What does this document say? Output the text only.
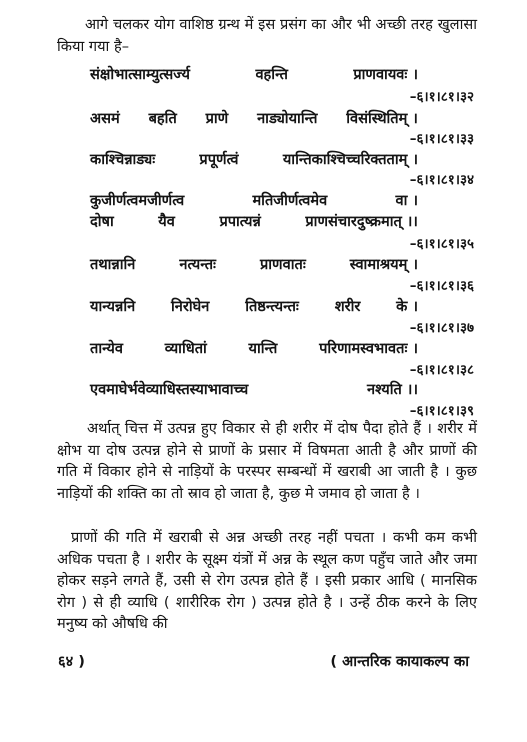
आगे चलकर योग वाशिष्ठ ग्रन्थ में इस प्रसंग का और भी अच्छी तरह खुलासा किया गया है–

संक्षोभात्साम्युत्सर्ज्य	वहन्ति	प्राणवायवः ।
–६।१।८१।३२
असमं बहति प्राणे नाड्योयान्ति विसंस्थितिम् ।
–६।१।८१।३३
काश्चिन्नाड्यः	प्रपूर्णत्वं	यान्तिकाश्चिच्चरिक्तताम् ।
–६।१।८१।३४
कुजीर्णत्वमजीर्णत्व	मतिजीर्णत्वमेव	वा ।
दोषा	यैव	प्रपात्यन्नं	प्राणसंचारदुष्क्रमात् ।।
–६।१।८१।३५
तथान्नानि	नत्यन्तः	प्राणवातः	स्वामाश्रयम् ।
–६।१।८१।३६
यान्यन्ननि निरोघेन तिष्ठन्त्यन्तः शरीर के ।
–६।१।८१।३७
तान्येव	व्याधितां	यान्ति	परिणामस्वभावतः ।
–६।१।८१।३८
एवमाघेर्भवेव्याधिस्तस्याभावाच्च	नश्यति ।।
–६।१।८१।३९

अर्थात् चित्त में उत्पन्न हुए विकार से ही शरीर में दोष पैदा होते हैं । शरीर में क्षोभ या दोष उत्पन्न होने से प्राणों के प्रसार में विषमता आती है और प्राणों की गति में विकार होने से नाड़ियों के परस्पर सम्बन्धों में खराबी आ जाती है । कुछ नाड़ियों की शक्ति का तो स्राव हो जाता है, कुछ मे जमाव हो जाता है ।

प्राणों की गति में खराबी से अन्न अच्छी तरह नहीं पचता । कभी कम कभी अधिक पचता है । शरीर के सूक्ष्म यंत्रों में अन्न के स्थूल कण पहुँच जाते और जमा होकर सड़ने लगते हैं, उसी से रोग उत्पन्न होते हैं । इसी प्रकार आधि ( मानसिक रोग ) से ही व्याधि ( शारीरिक रोग ) उत्पन्न होते है । उन्हें ठीक करने के लिए मनुष्य को औषधि की

६४ )	( आन्तरिक कायाकल्प का
